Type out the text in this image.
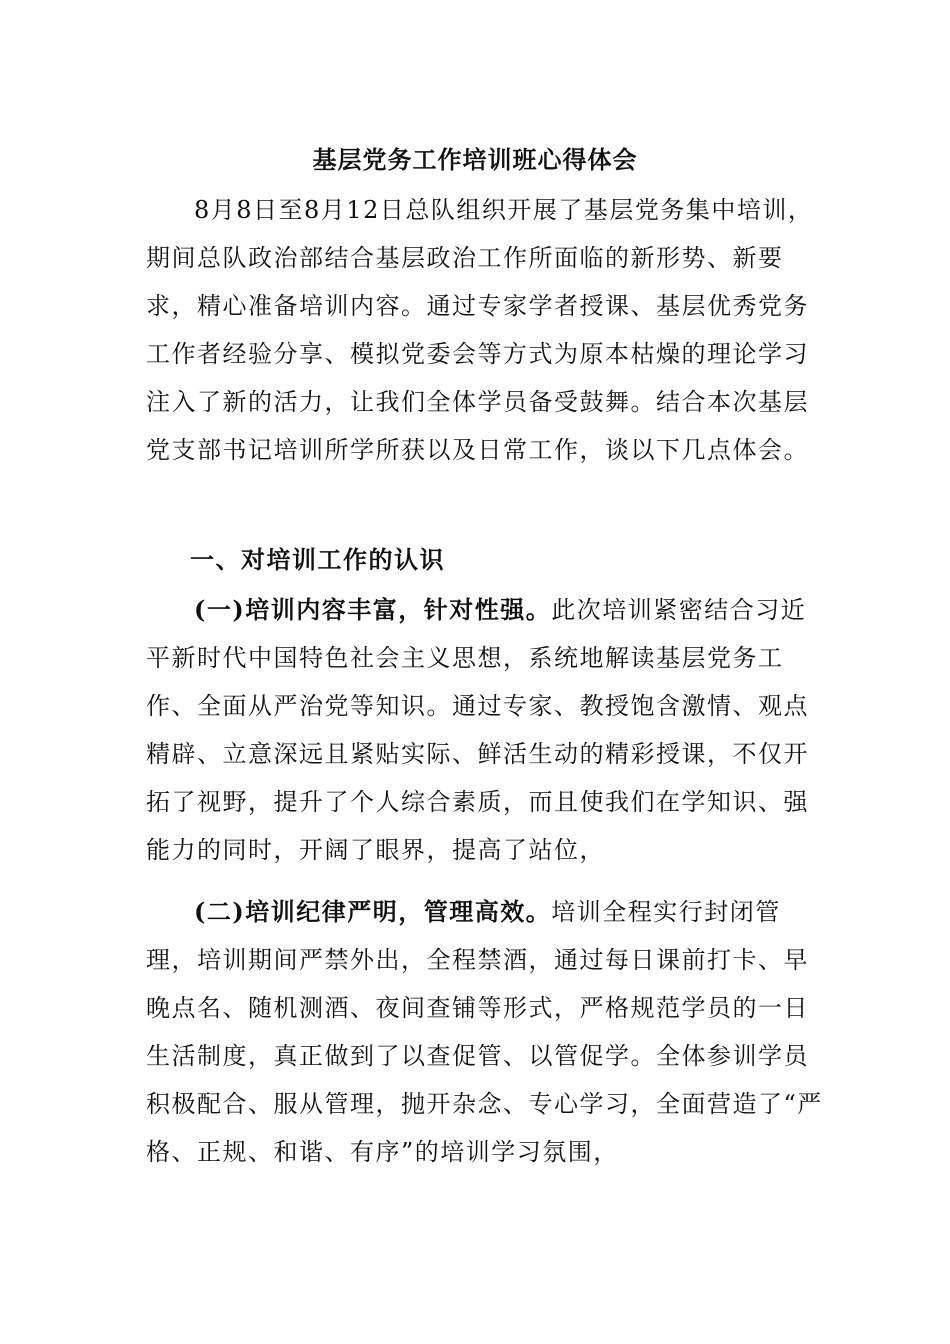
基层党务工作培训班心得体会

8月8日至8月12日总队组织开展了基层党务集中培训，期间总队政治部结合基层政治工作所面临的新形势、新要求，精心准备培训内容。通过专家学者授课、基层优秀党务工作者经验分享、模拟党委会等方式为原本枯燥的理论学习注入了新的活力，让我们全体学员备受鼓舞。结合本次基层党支部书记培训所学所获以及日常工作，谈以下几点体会。

一、对培训工作的认识

(一)培训内容丰富，针对性强。此次培训紧密结合习近平新时代中国特色社会主义思想，系统地解读基层党务工作、全面从严治党等知识。通过专家、教授饱含激情、观点精辟、立意深远且紧贴实际、鲜活生动的精彩授课，不仅开拓了视野，提升了个人综合素质，而且使我们在学知识、强能力的同时，开阔了眼界，提高了站位，

(二)培训纪律严明，管理高效。培训全程实行封闭管理，培训期间严禁外出，全程禁酒，通过每日课前打卡、早晚点名、随机测酒、夜间查铺等形式，严格规范学员的一日生活制度，真正做到了以查促管、以管促学。全体参训学员积极配合、服从管理，抛开杂念、专心学习，全面营造了“严格、正规、和谐、有序”的培训学习氛围，
